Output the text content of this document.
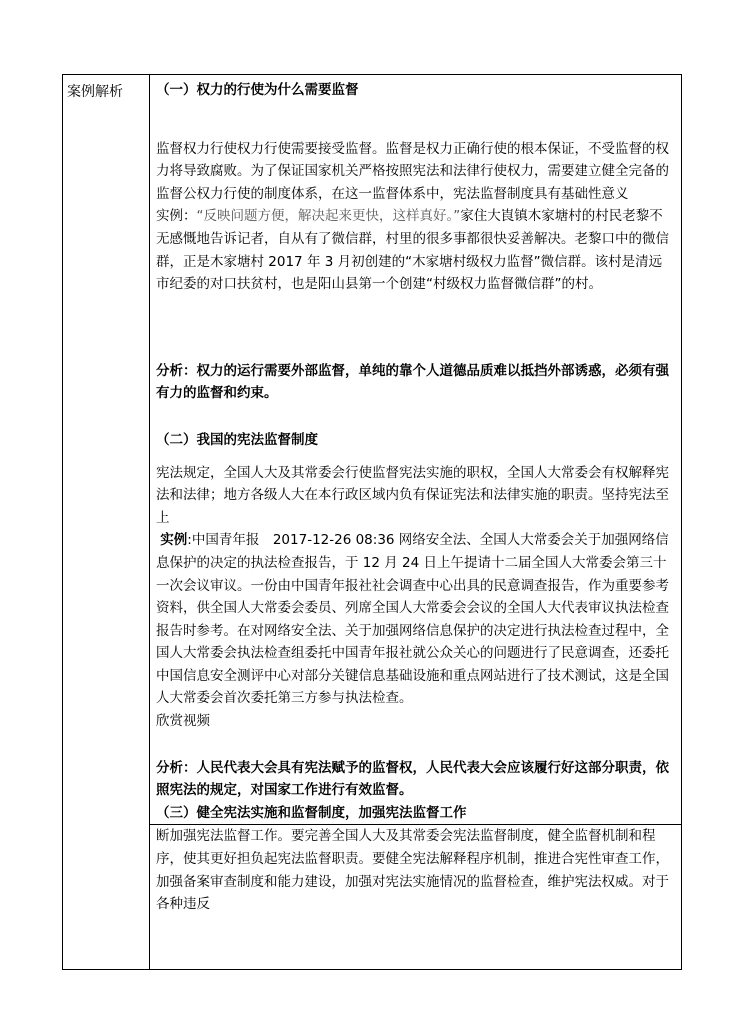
案例解析	（一）权力的行使为什么需要监督

监督权力行使权力行使需要接受监督。监督是权力正确行使的根本保证，不受监督的权力将导致腐败。为了保证国家机关严格按照宪法和法律行使权力，需要建立健全完备的监督公权力行使的制度体系，在这一监督体系中，宪法监督制度具有基础性意义

实例：“反映问题方便，解决起来更快，这样真好。”家住大崀镇木家塘村的村民老黎不无感慨地告诉记者，自从有了微信群，村里的很多事都很快妥善解决。老黎口中的微信群，正是木家塘村 2017 年 3 月初创建的“木家塘村级权力监督”微信群。该村是清远市纪委的对口扶贫村，也是阳山县第一个创建“村级权力监督微信群”的村。

分析：权力的运行需要外部监督，单纯的靠个人道德品质难以抵挡外部诱惑，必须有强有力的监督和约束。

（二）我国的宪法监督制度

宪法规定，全国人大及其常委会行使监督宪法实施的职权，全国人大常委会有权解释宪法和法律；地方各级人大在本行政区域内负有保证宪法和法律实施的职责。坚持宪法至上

实例:中国青年报　2017-12-26 08:36 网络安全法、全国人大常委会关于加强网络信息保护的决定的执法检查报告，于 12 月 24 日上午提请十二届全国人大常委会第三十一次会议审议。一份由中国青年报社社会调查中心出具的民意调查报告，作为重要参考资料，供全国人大常委会委员、列席全国人大常委会会议的全国人大代表审议执法检查报告时参考。在对网络安全法、关于加强网络信息保护的决定进行执法检查过程中，全国人大常委会执法检查组委托中国青年报社就公众关心的问题进行了民意调查，还委托中国信息安全测评中心对部分关键信息基础设施和重点网站进行了技术测试，这是全国人大常委会首次委托第三方参与执法检查。

欣赏视频

分析：人民代表大会具有宪法赋予的监督权，人民代表大会应该履行好这部分职责，依照宪法的规定，对国家工作进行有效监督。

（三）健全宪法实施和监督制度，加强宪法监督工作

断加强宪法监督工作。要完善全国人大及其常委会宪法监督制度，健全监督机制和程序，使其更好担负起宪法监督职责。要健全宪法解释程序机制，推进合宪性审查工作，加强备案审查制度和能力建设，加强对宪法实施情况的监督检查，维护宪法权威。对于各种违反
